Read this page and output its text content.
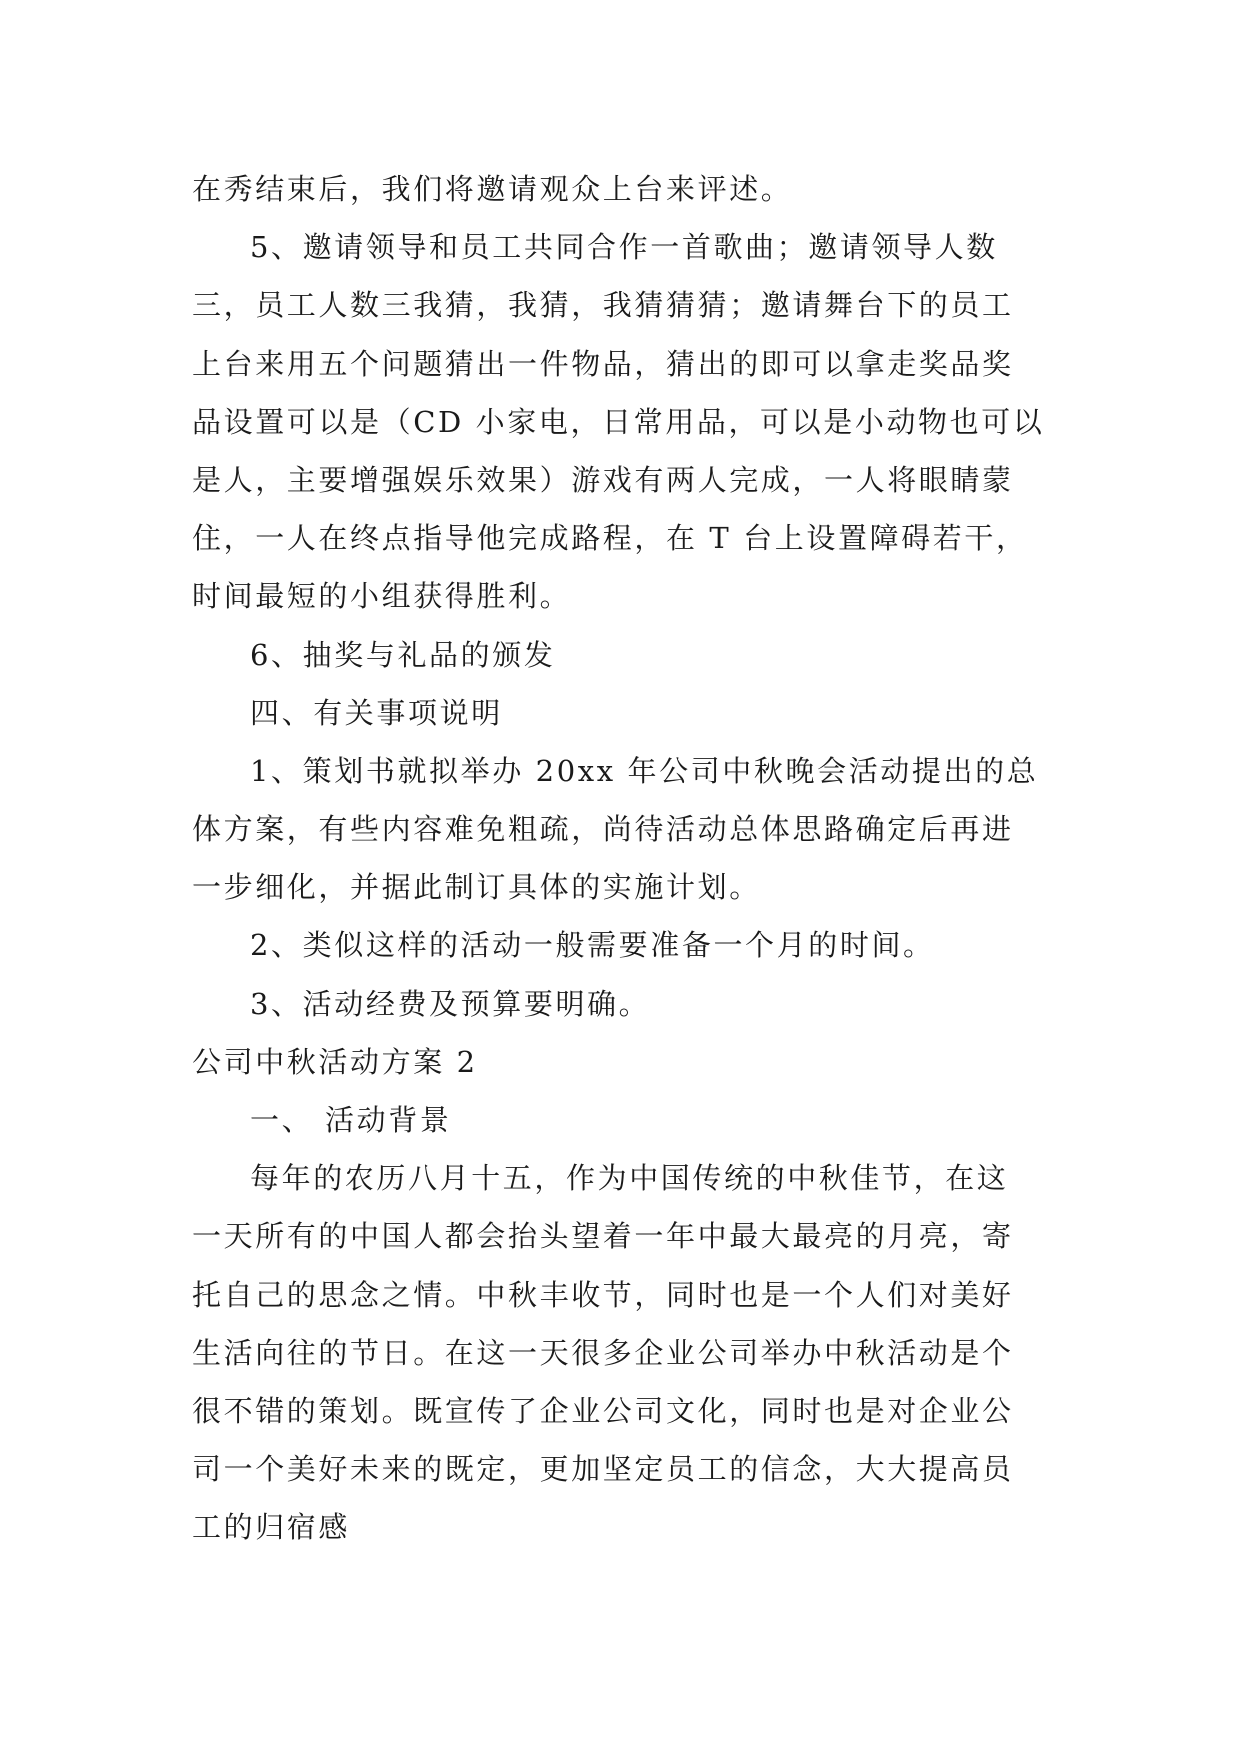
在秀结束后，我们将邀请观众上台来评述。
5、邀请领导和员工共同合作一首歌曲；邀请领导人数
三，员工人数三我猜，我猜，我猜猜猜；邀请舞台下的员工
上台来用五个问题猜出一件物品，猜出的即可以拿走奖品奖
品设置可以是（CD 小家电，日常用品，可以是小动物也可以
是人，主要增强娱乐效果）游戏有两人完成，一人将眼睛蒙
住，一人在终点指导他完成路程，在 T 台上设置障碍若干，
时间最短的小组获得胜利。
6、抽奖与礼品的颁发
四、有关事项说明
1、策划书就拟举办 20xx 年公司中秋晚会活动提出的总
体方案，有些内容难免粗疏，尚待活动总体思路确定后再进
一步细化，并据此制订具体的实施计划。
2、类似这样的活动一般需要准备一个月的时间。
3、活动经费及预算要明确。
公司中秋活动方案 2
一、 活动背景
每年的农历八月十五，作为中国传统的中秋佳节，在这
一天所有的中国人都会抬头望着一年中最大最亮的月亮，寄
托自己的思念之情。中秋丰收节，同时也是一个人们对美好
生活向往的节日。在这一天很多企业公司举办中秋活动是个
很不错的策划。既宣传了企业公司文化，同时也是对企业公
司一个美好未来的既定，更加坚定员工的信念，大大提高员
工的归宿感
